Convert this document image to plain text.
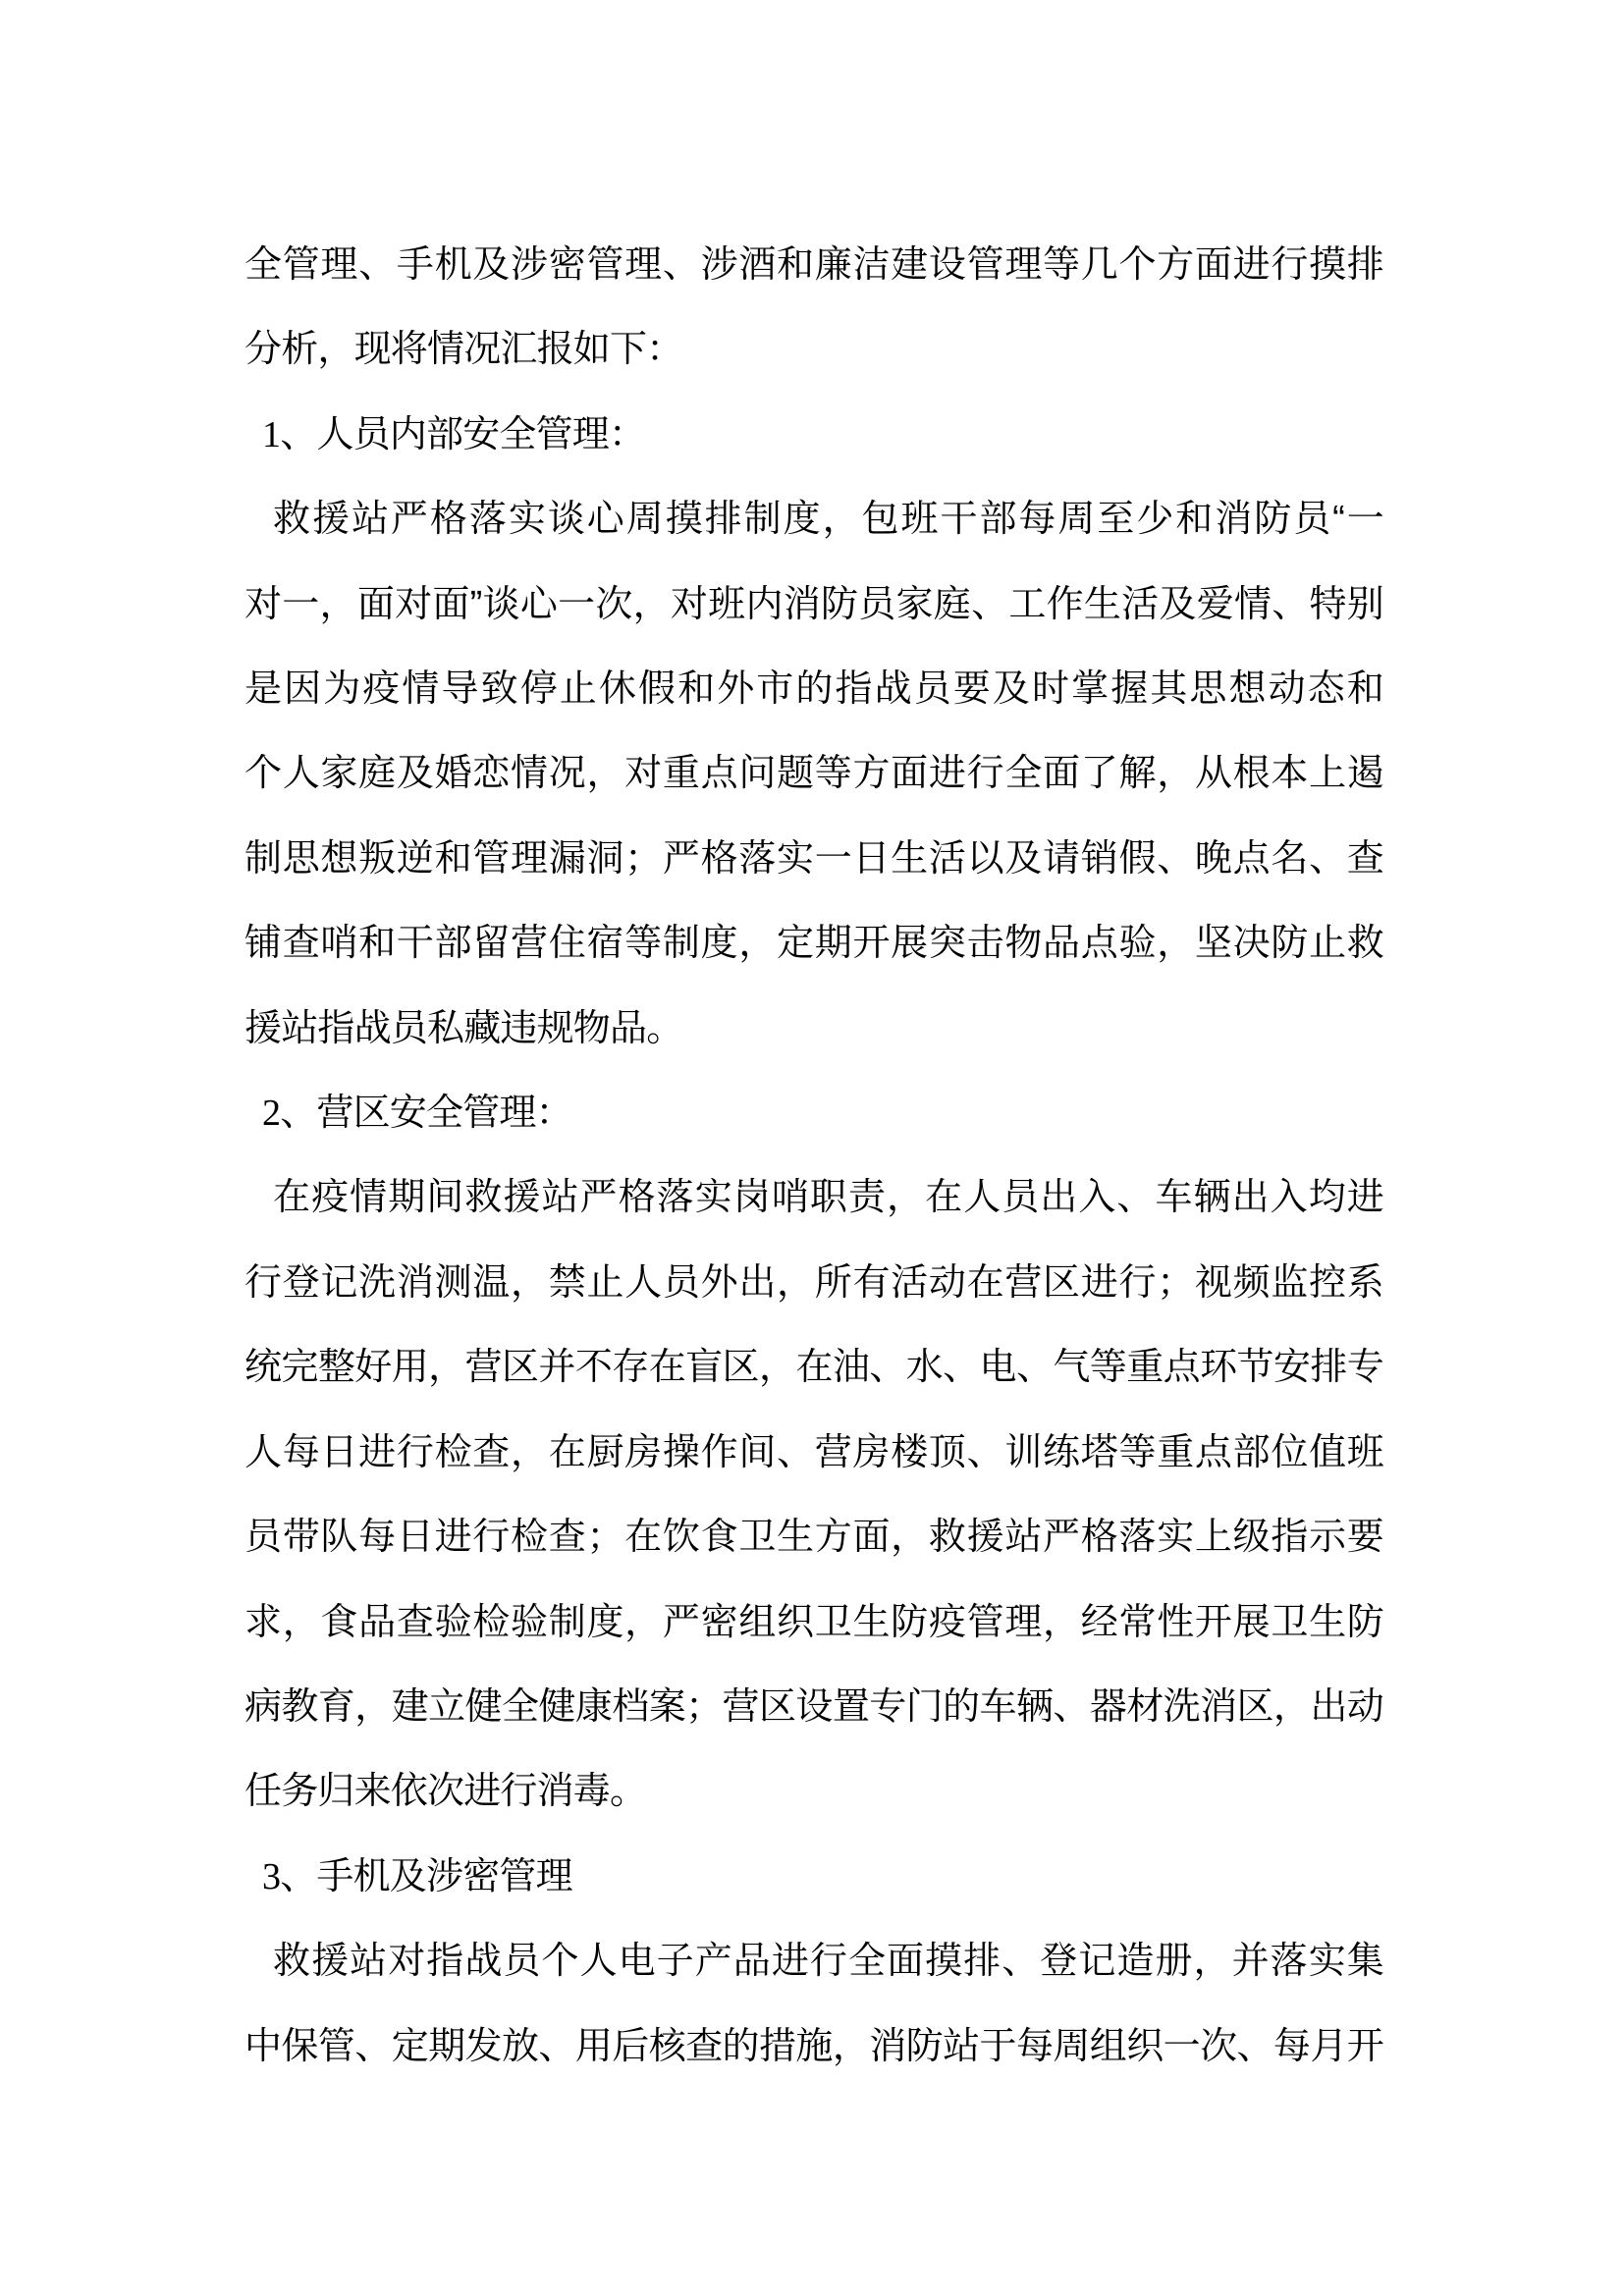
全管理、手机及涉密管理、涉酒和廉洁建设管理等几个方面进行摸排
分析，现将情况汇报如下：
1、人员内部安全管理：
救援站严格落实谈心周摸排制度，包班干部每周至少和消防员“一
对一，面对面”谈心一次，对班内消防员家庭、工作生活及爱情、特别
是因为疫情导致停止休假和外市的指战员要及时掌握其思想动态和
个人家庭及婚恋情况，对重点问题等方面进行全面了解，从根本上遏
制思想叛逆和管理漏洞；严格落实一日生活以及请销假、晚点名、查
铺查哨和干部留营住宿等制度，定期开展突击物品点验，坚决防止救
援站指战员私藏违规物品。
2、营区安全管理：
在疫情期间救援站严格落实岗哨职责，在人员出入、车辆出入均进
行登记洗消测温，禁止人员外出，所有活动在营区进行；视频监控系
统完整好用，营区并不存在盲区，在油、水、电、气等重点环节安排专
人每日进行检查，在厨房操作间、营房楼顶、训练塔等重点部位值班
员带队每日进行检查；在饮食卫生方面，救援站严格落实上级指示要
求，食品查验检验制度，严密组织卫生防疫管理，经常性开展卫生防
病教育，建立健全健康档案；营区设置专门的车辆、器材洗消区，出动
任务归来依次进行消毒。
3、手机及涉密管理
救援站对指战员个人电子产品进行全面摸排、登记造册，并落实集
中保管、定期发放、用后核查的措施，消防站于每周组织一次、每月开
